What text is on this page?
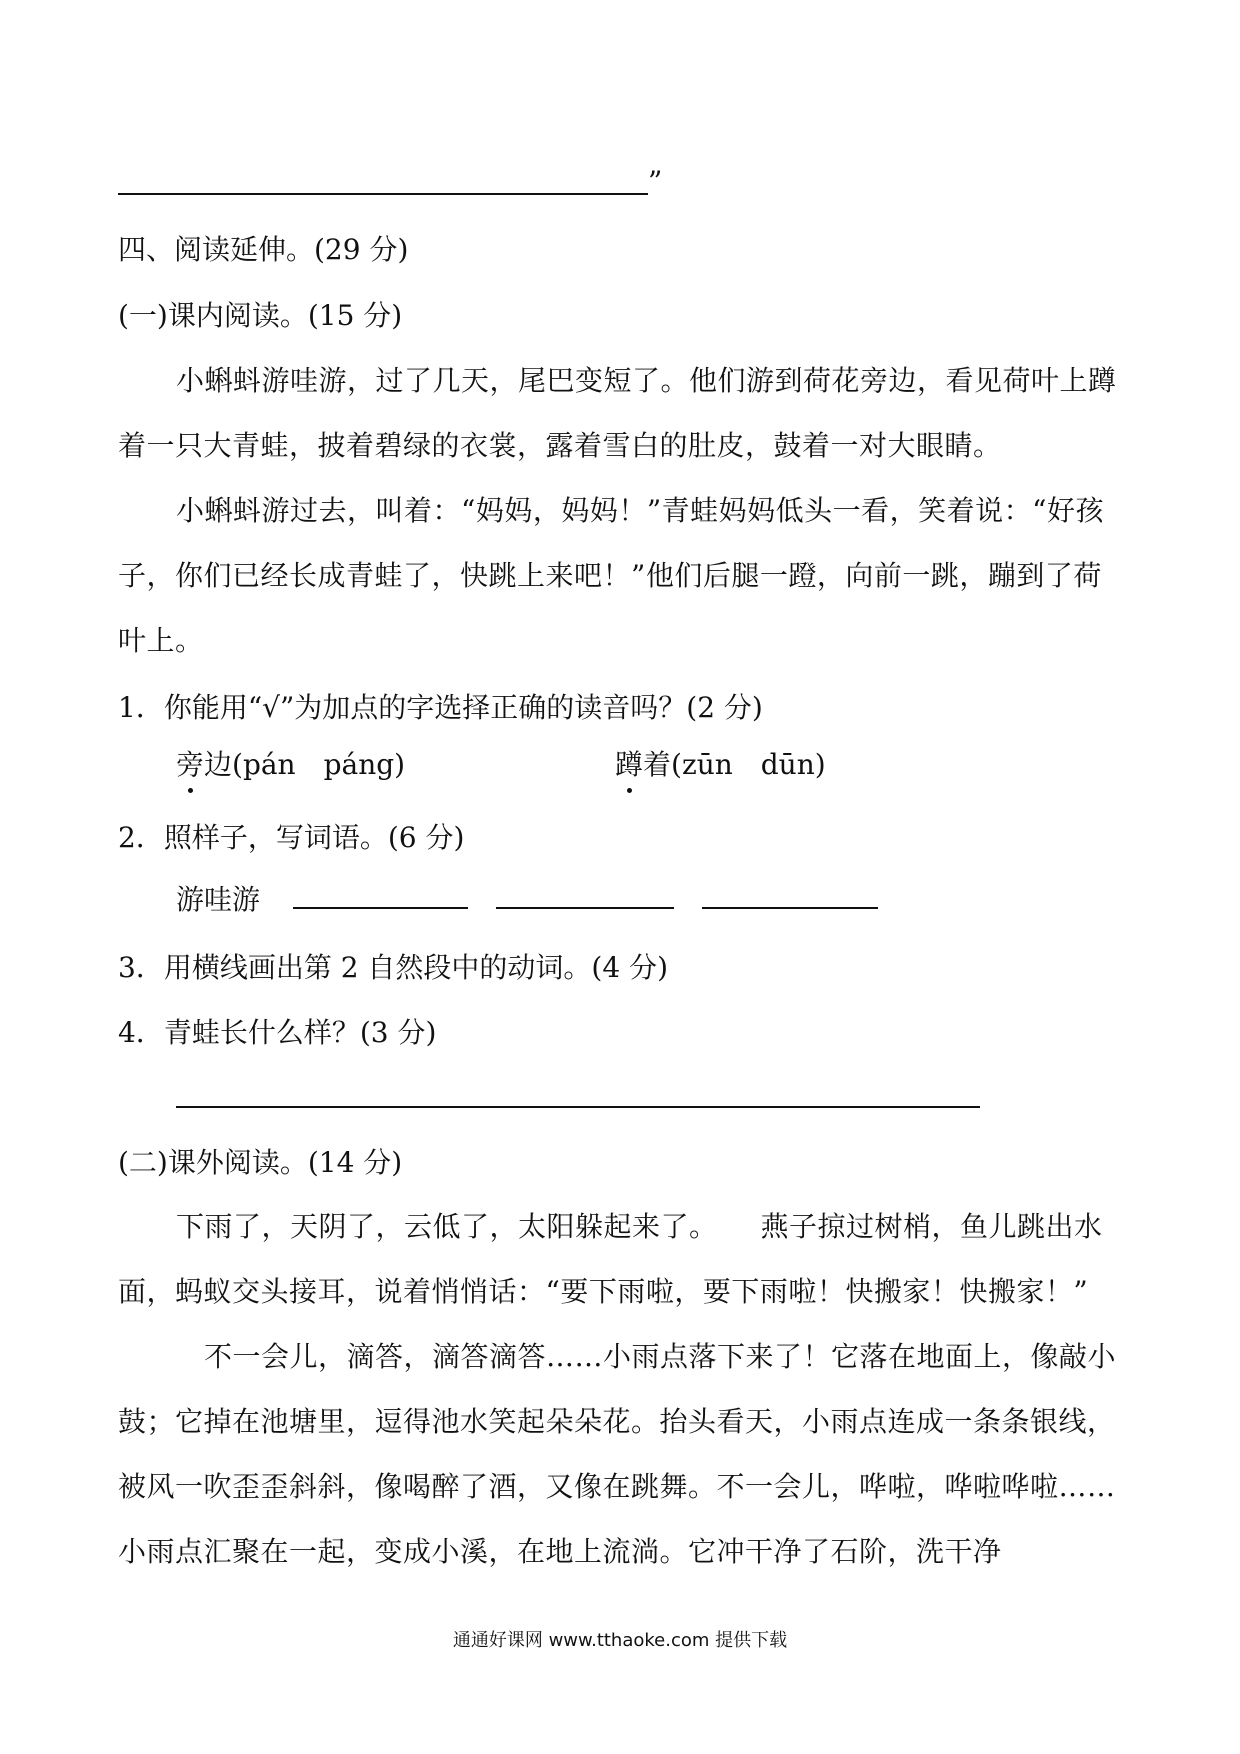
”
四、阅读延伸。(29 分)
(一)课内阅读。(15 分)
小蝌蚪游哇游，过了几天，尾巴变短了。他们游到荷花旁边，看见荷叶上蹲着一只大青蛙，披着碧绿的衣裳，露着雪白的肚皮，鼓着一对大眼睛。
小蝌蚪游过去，叫着：“妈妈，妈妈！”青蛙妈妈低头一看，笑着说：“好孩子，你们已经长成青蛙了，快跳上来吧！”他们后腿一蹬，向前一跳，蹦到了荷叶上。
1．你能用“√”为加点的字选择正确的读音吗？(2 分)
旁边(pán　páng)	蹲着(zūn　dūn)
2．照样子，写词语。(6 分)
游哇游
3．用横线画出第 2 自然段中的动词。(4 分)
4．青蛙长什么样？(3 分)
(二)课外阅读。(14 分)
下雨了，天阴了，云低了，太阳躲起来了。　　燕子掠过树梢，鱼儿跳出水面，蚂蚁交头接耳，说着悄悄话：“要下雨啦，要下雨啦！快搬家！快搬家！”
不一会儿，滴答，滴答滴答……小雨点落下来了！它落在地面上，像敲小鼓；它掉在池塘里，逗得池水笑起朵朵花。抬头看天，小雨点连成一条条银线，被风一吹歪歪斜斜，像喝醉了酒，又像在跳舞。不一会儿，哗啦，哗啦哗啦……小雨点汇聚在一起，变成小溪，在地上流淌。它冲干净了石阶，洗干净
通通好课网 www.tthaoke.com 提供下载
